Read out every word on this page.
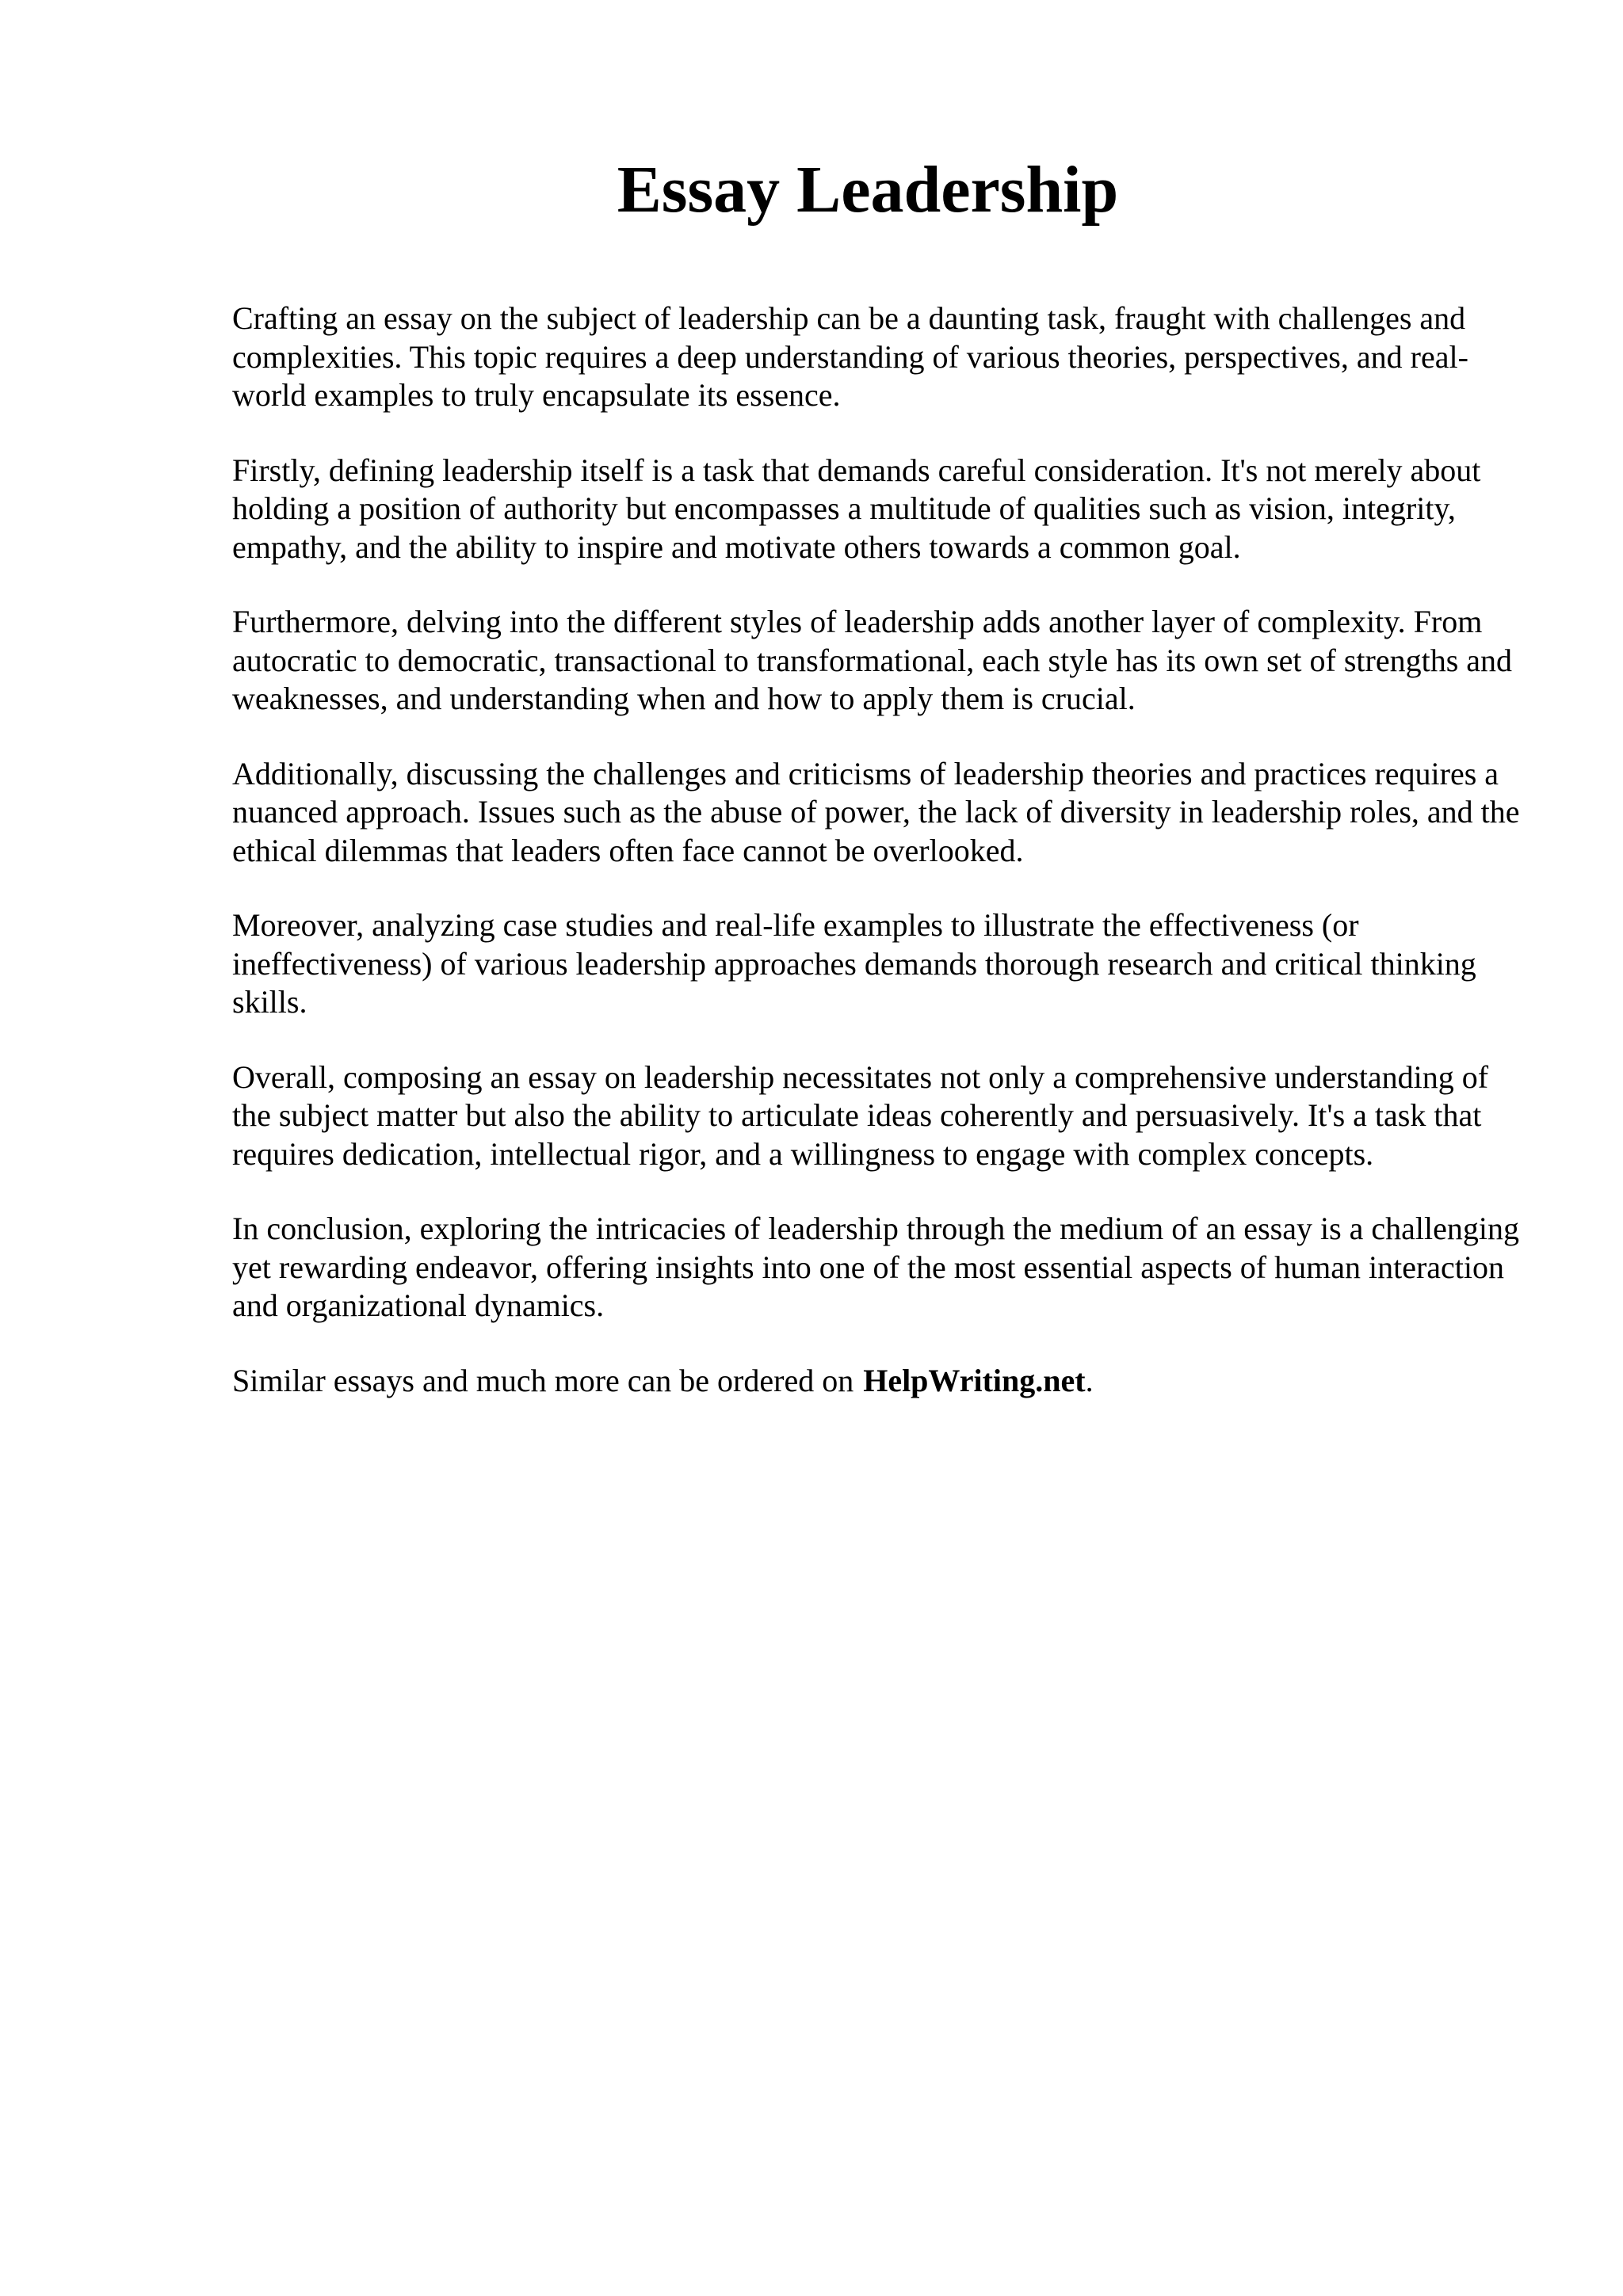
Essay Leadership

Crafting an essay on the subject of leadership can be a daunting task, fraught with challenges and complexities. This topic requires a deep understanding of various theories, perspectives, and real-world examples to truly encapsulate its essence.

Firstly, defining leadership itself is a task that demands careful consideration. It's not merely about holding a position of authority but encompasses a multitude of qualities such as vision, integrity, empathy, and the ability to inspire and motivate others towards a common goal.

Furthermore, delving into the different styles of leadership adds another layer of complexity. From autocratic to democratic, transactional to transformational, each style has its own set of strengths and weaknesses, and understanding when and how to apply them is crucial.

Additionally, discussing the challenges and criticisms of leadership theories and practices requires a nuanced approach. Issues such as the abuse of power, the lack of diversity in leadership roles, and the ethical dilemmas that leaders often face cannot be overlooked.

Moreover, analyzing case studies and real-life examples to illustrate the effectiveness (or ineffectiveness) of various leadership approaches demands thorough research and critical thinking skills.

Overall, composing an essay on leadership necessitates not only a comprehensive understanding of the subject matter but also the ability to articulate ideas coherently and persuasively. It's a task that requires dedication, intellectual rigor, and a willingness to engage with complex concepts.

In conclusion, exploring the intricacies of leadership through the medium of an essay is a challenging yet rewarding endeavor, offering insights into one of the most essential aspects of human interaction and organizational dynamics.

Similar essays and much more can be ordered on HelpWriting.net.
